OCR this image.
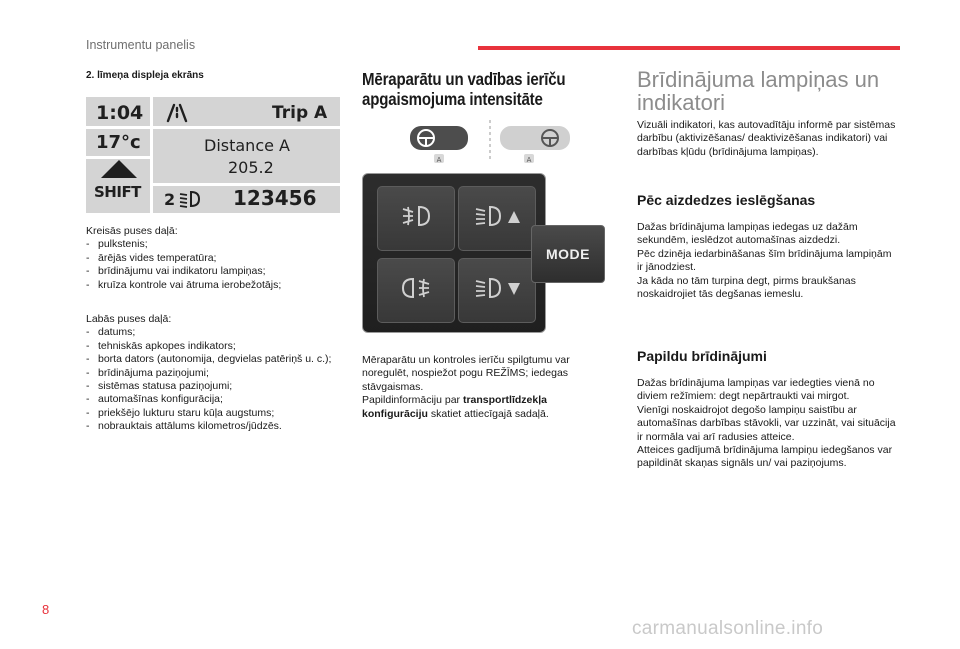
Instrumentu panelis
2. līmeņa displeja ekrāns
1:04	Trip A
17°c	Distance A
205.2
SHIFT 2	123456
Kreisās puses daļā:
- pulkstenis;
- ārējās vides temperatūra;
- brīdinājumu vai indikatoru lampiņas;
- kruīza kontrole vai ātruma ierobežotājs;
Labās puses daļā:
- datums;
- tehniskās apkopes indikators;
- borta dators (autonomija, degvielas patēriņš u. c.);
- brīdinājuma paziņojumi;
- sistēmas statusa paziņojumi;
- automašīnas konfigurācija;
- priekšējo lukturu staru kūļa augstums;
- nobrauktais attālums kilometros/jūdzēs.
Mēraparātu un vadības ierīču
apgaismojuma intensitāte
A	A
MODE
Mēraparātu un kontroles ierīču spilgtumu var noregulēt, nospiežot pogu REŽĪMS; iedegas stāvgaismas.
Papildinformāciju par transportlīdzekļa konfigurāciju skatiet attiecīgajā sadaļā.
Brīdinājuma lampiņas un indikatori
Vizuāli indikatori, kas autovadītāju informē par sistēmas darbību (aktivizēšanas/ deaktivizēšanas indikatori) vai darbības kļūdu (brīdinājuma lampiņas).
Pēc aizdedzes ieslēgšanas
Dažas brīdinājuma lampiņas iedegas uz dažām sekundēm, ieslēdzot automašīnas aizdedzi.
Pēc dzinēja iedarbināšanas šīm brīdinājuma lampiņām ir jānodziest.
Ja kāda no tām turpina degt, pirms braukšanas noskaidrojiet tās degšanas iemeslu.
Papildu brīdinājumi
Dažas brīdinājuma lampiņas var iedegties vienā no diviem režīmiem: degt nepārtraukti vai mirgot.
Vienīgi noskaidrojot degošo lampiņu saistību ar automašīnas darbības stāvokli, var uzzināt, vai situācija ir normāla vai arī radusies atteice.
Atteices gadījumā brīdinājuma lampiņu iedegšanos var papildināt skaņas signāls un/ vai paziņojums.
8
carmanualsonline.info
